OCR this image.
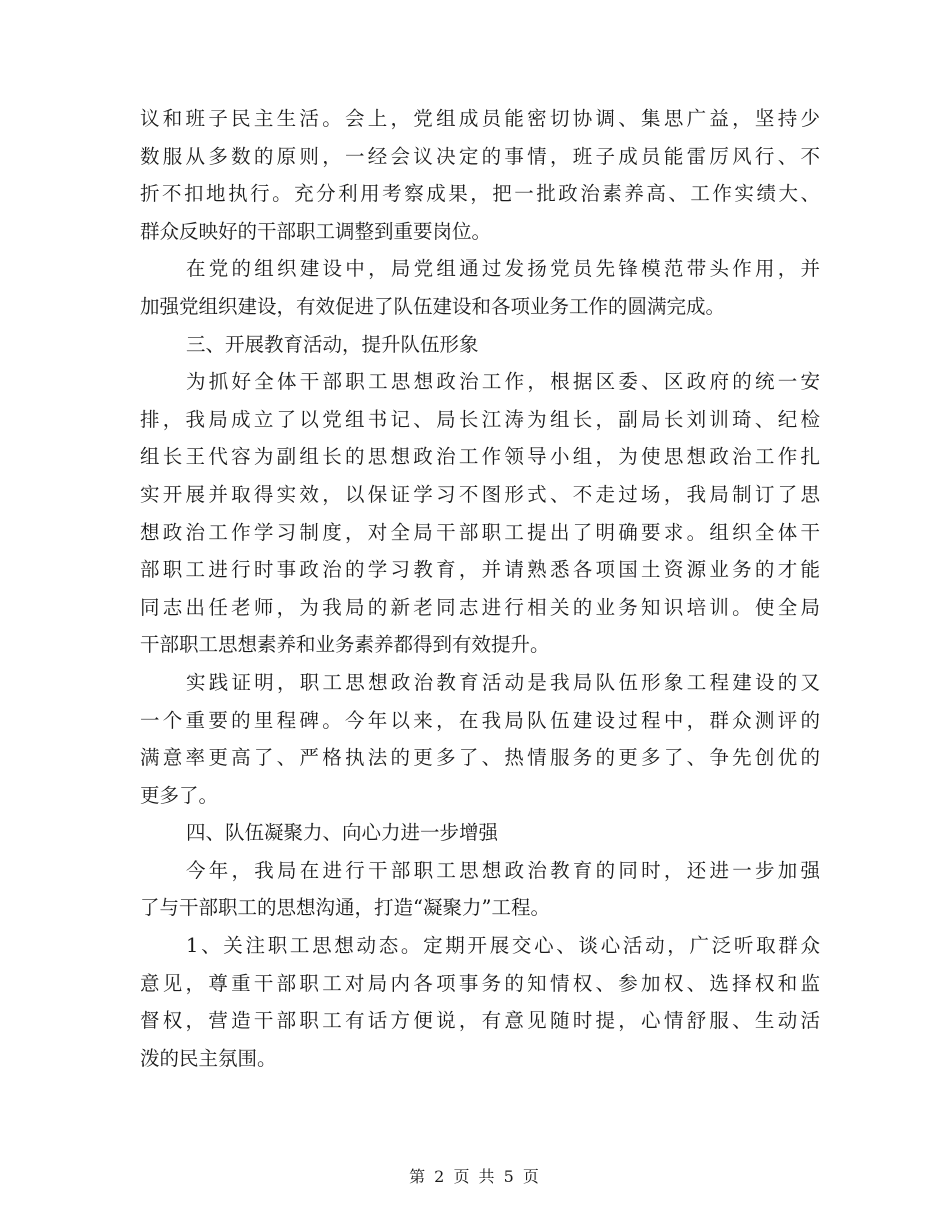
议和班子民主生活。会上，党组成员能密切协调、集思广益，坚持少
数服从多数的原则，一经会议决定的事情，班子成员能雷厉风行、不
折不扣地执行。充分利用考察成果，把一批政治素养高、工作实绩大、
群众反映好的干部职工调整到重要岗位。
在党的组织建设中，局党组通过发扬党员先锋模范带头作用，并
加强党组织建设，有效促进了队伍建设和各项业务工作的圆满完成。
三、开展教育活动，提升队伍形象
为抓好全体干部职工思想政治工作，根据区委、区政府的统一安
排，我局成立了以党组书记、局长江涛为组长，副局长刘训琦、纪检
组长王代容为副组长的思想政治工作领导小组，为使思想政治工作扎
实开展并取得实效，以保证学习不图形式、不走过场，我局制订了思
想政治工作学习制度，对全局干部职工提出了明确要求。组织全体干
部职工进行时事政治的学习教育，并请熟悉各项国土资源业务的才能
同志出任老师，为我局的新老同志进行相关的业务知识培训。使全局
干部职工思想素养和业务素养都得到有效提升。
实践证明，职工思想政治教育活动是我局队伍形象工程建设的又
一个重要的里程碑。今年以来，在我局队伍建设过程中，群众测评的
满意率更高了、严格执法的更多了、热情服务的更多了、争先创优的
更多了。
四、队伍凝聚力、向心力进一步增强
今年，我局在进行干部职工思想政治教育的同时，还进一步加强
了与干部职工的思想沟通，打造“凝聚力”工程。
1、关注职工思想动态。定期开展交心、谈心活动，广泛听取群众
意见，尊重干部职工对局内各项事务的知情权、参加权、选择权和监
督权，营造干部职工有话方便说，有意见随时提，心情舒服、生动活
泼的民主氛围。
第 2 页 共 5 页
